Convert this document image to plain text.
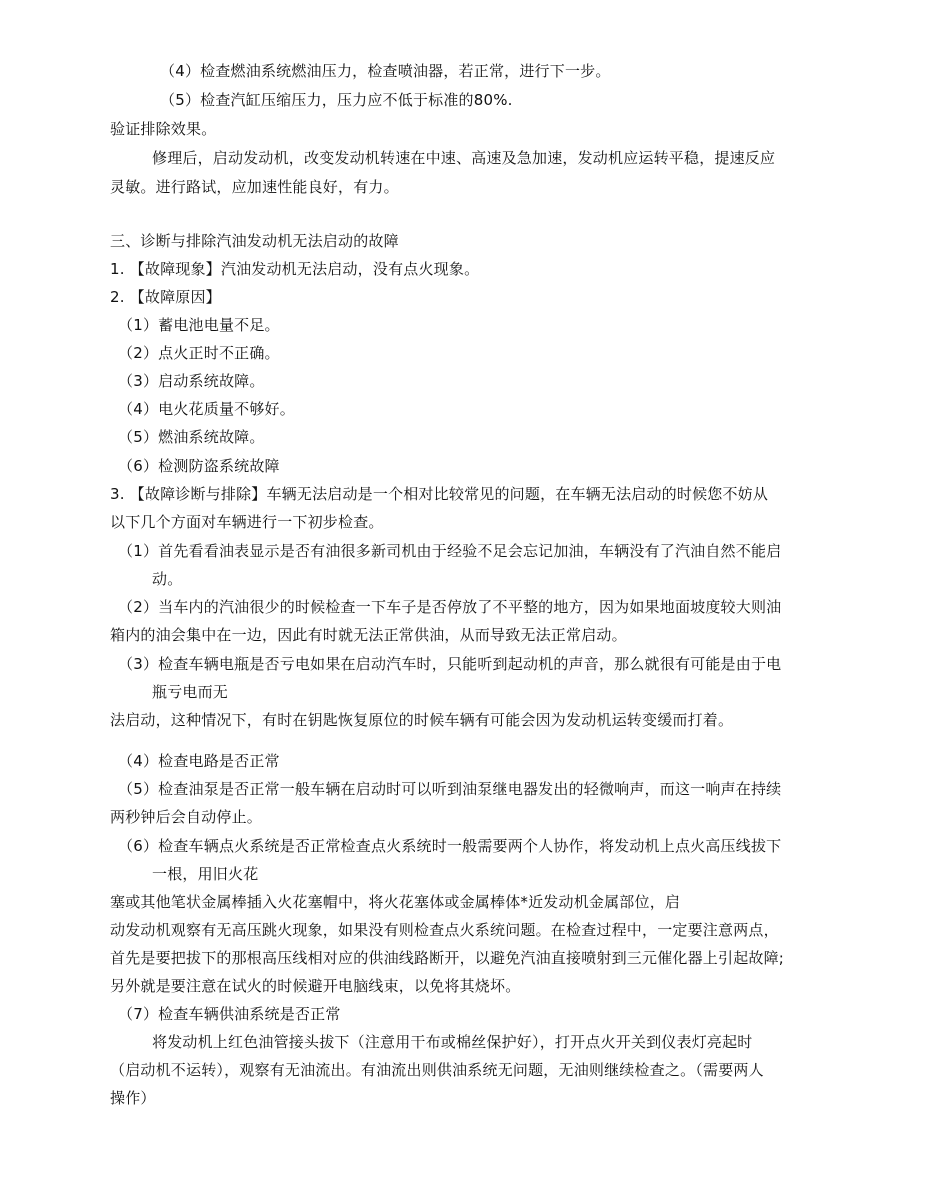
（4）检查燃油系统燃油压力，检查喷油器，若正常，进行下一步。
（5）检查汽缸压缩压力，压力应不低于标准的80%.
验证排除效果。
修理后，启动发动机，改变发动机转速在中速、高速及急加速，发动机应运转平稳，提速反应
灵敏。进行路试，应加速性能良好，有力。
三、诊断与排除汽油发动机无法启动的故障
1. 【故障现象】汽油发动机无法启动，没有点火现象。
2. 【故障原因】
（1）蓄电池电量不足。
（2）点火正时不正确。
（3）启动系统故障。
（4）电火花质量不够好。
（5）燃油系统故障。
（6）检测防盗系统故障
3. 【故障诊断与排除】车辆无法启动是一个相对比较常见的问题，在车辆无法启动的时候您不妨从
以下几个方面对车辆进行一下初步检查。
（1）首先看看油表显示是否有油很多新司机由于经验不足会忘记加油，车辆没有了汽油自然不能启
动。
（2）当车内的汽油很少的时候检查一下车子是否停放了不平整的地方，因为如果地面坡度较大则油
箱内的油会集中在一边，因此有时就无法正常供油，从而导致无法正常启动。
（3）检查车辆电瓶是否亏电如果在启动汽车时，只能听到起动机的声音，那么就很有可能是由于电
瓶亏电而无
法启动，这种情况下，有时在钥匙恢复原位的时候车辆有可能会因为发动机运转变缓而打着。
（4）检查电路是否正常
（5）检查油泵是否正常一般车辆在启动时可以听到油泵继电器发出的轻微响声，而这一响声在持续
两秒钟后会自动停止。
（6）检查车辆点火系统是否正常检查点火系统时一般需要两个人协作，将发动机上点火高压线拔下
一根，用旧火花
塞或其他笔状金属棒插入火花塞帽中，将火花塞体或金属棒体*近发动机金属部位，启
动发动机观察有无高压跳火现象，如果没有则检查点火系统问题。在检查过程中，一定要注意两点，
首先是要把拔下的那根高压线相对应的供油线路断开，以避免汽油直接喷射到三元催化器上引起故障;
另外就是要注意在试火的时候避开电脑线束，以免将其烧坏。
（7）检查车辆供油系统是否正常
将发动机上红色油管接头拔下（注意用干布或棉丝保护好），打开点火开关到仪表灯亮起时
（启动机不运转），观察有无油流出。有油流出则供油系统无问题，无油则继续检查之。（需要两人
操作）
